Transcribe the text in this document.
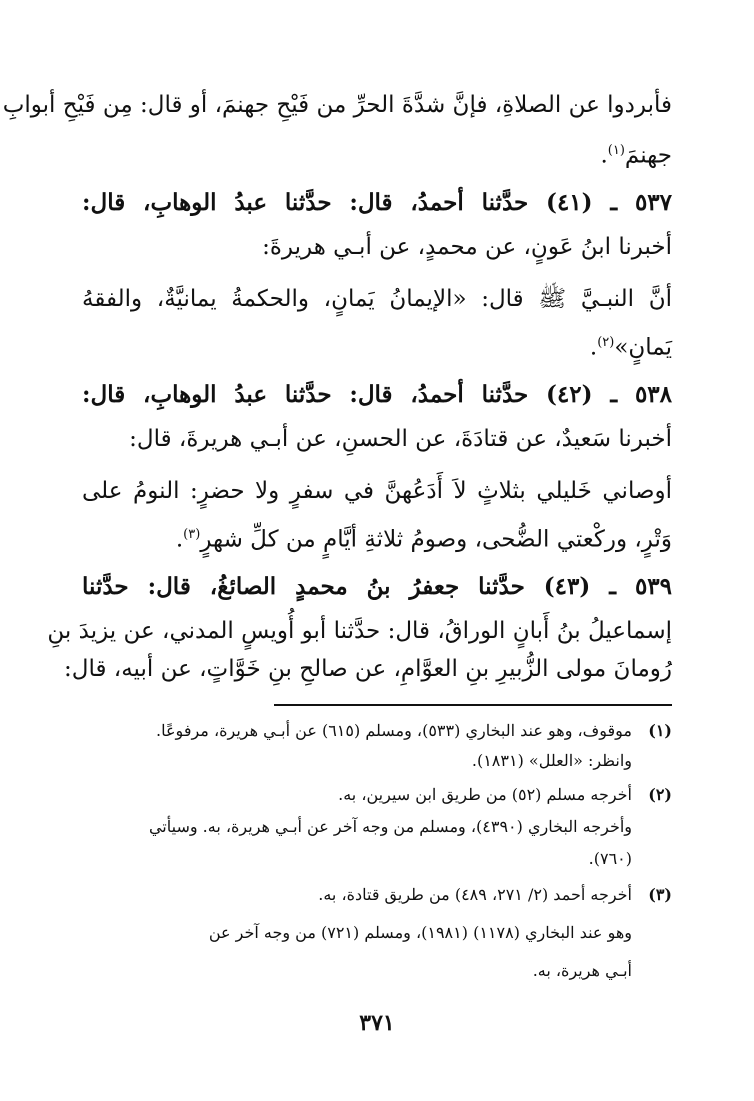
فأبردوا عن الصلاةِ، فإنَّ شدَّةَ الحرِّ من فَيْحِ جهنمَ، أو قال: مِن فَيْحِ أبوابِ
جهنمَ$^{(١)}$.
٥٣٧ ـ (٤١) حدَّثنا أحمدُ، قال: حدَّثنا عبدُ الوهابِ، قال:
أخبرنا ابنُ عَونٍ، عن محمدٍ، عن أبـي هريرةَ:
أنَّ النبـيَّ ﷺ قال: «الإيمانُ يَمانٍ، والحكمةُ يمانيَّةٌ، والفقهُ
يَمانٍ»$^{(٢)}$.
٥٣٨ ـ (٤٢) حدَّثنا أحمدُ، قال: حدَّثنا عبدُ الوهابِ، قال:
أخبرنا سَعيدٌ، عن قتادَةَ، عن الحسنِ، عن أبـي هريرةَ، قال:
أوصاني خَليلي بثلاثٍ لاَ أَدَعُهنَّ في سفرٍ ولا حضرٍ: النومُ على
وَتْرٍ، وركْعتي الضُّحى، وصومُ ثلاثةِ أيَّامٍ من كلِّ شهرٍ$^{(٣)}$.
٥٣٩ ـ (٤٣) حدَّثنا جعفرُ بنُ محمدٍ الصائغُ، قال: حدَّثنا
إسماعيلُ بنُ أَبانٍ الوراقُ، قال: حدَّثنا أبو أُويسٍ المدني، عن يزيدَ بنِ
رُومانَ مولى الزُّبيرِ بنِ العوَّامِ، عن صالحِ بنِ خَوَّاتٍ، عن أبيه، قال:
(١)موقوف، وهو عند البخاري (٥٣٣)، ومسلم (٦١٥) عن أبـي هريرة، مرفوعًا.
وانظر: «العلل» (١٨٣١).
(٢)أخرجه مسلم (٥٢) من طريق ابن سيرين، به.
وأخرجه البخاري (٤٣٩٠)، ومسلم من وجه آخر عن أبـي هريرة، به. وسيأتي
(٧٦٠).
(٣)أخرجه أحمد (٢/ ٢٧١، ٤٨٩) من طريق قتادة، به.
وهو عند البخاري (١١٧٨) (١٩٨١)، ومسلم (٧٢١) من وجه آخر عن
أبـي هريرة، به.
٣٧١
